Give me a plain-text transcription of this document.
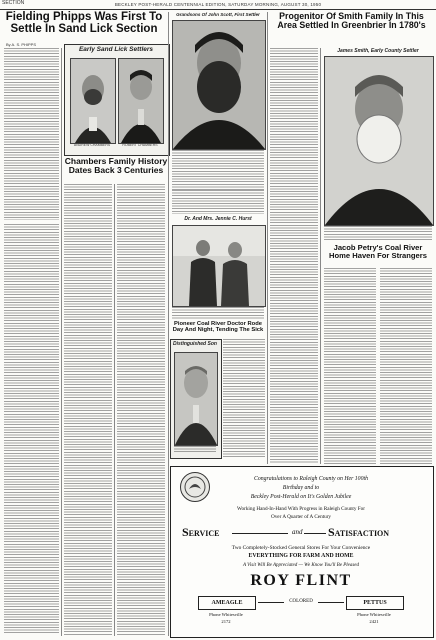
SECTION	BECKLEY POST-HERALD CENTENNIAL EDITION, SATURDAY MORNING, AUGUST 30, 1950
Fielding Phipps Was First To Settle In Sand Lick Section
By A. S. PHIPPS
Early Sand Lick Settlers
ANDREW CHAMBERS	ROBERT CHAMBERS
Chambers Family History Dates Back 3 Centuries
Grandsons Of John Scott, First Settler
Dr. And Mrs. Jennie C. Hurst
Pioneer Coal River Doctor Rode Day And Night, Tending The Sick
Distinguished Son
Progenitor Of Smith Family In This Area Settled In Greenbrier In 1780's
James Smith, Early County Settler
Jacob Petry's Coal River Home Haven For Strangers
Congratulations to Raleigh County on Her 100th
Birthday and to
Beckley Post-Herald on It's Golden Jubilee
Working Hand-In-Hand With Progress in Raleigh County For
Over A Quarter of A Century
Service	and Satisfaction
Two Completely-Stocked General Stores For Your Convenience
EVERYTHING FOR FARM AND HOME
A Visit Will Be Appreciated — We Know You'll Be Pleased
ROY FLINT
AMEAGLE	COLORED	PETTUS
Phone Whitesville
2172
Phone Whitesville
2421
